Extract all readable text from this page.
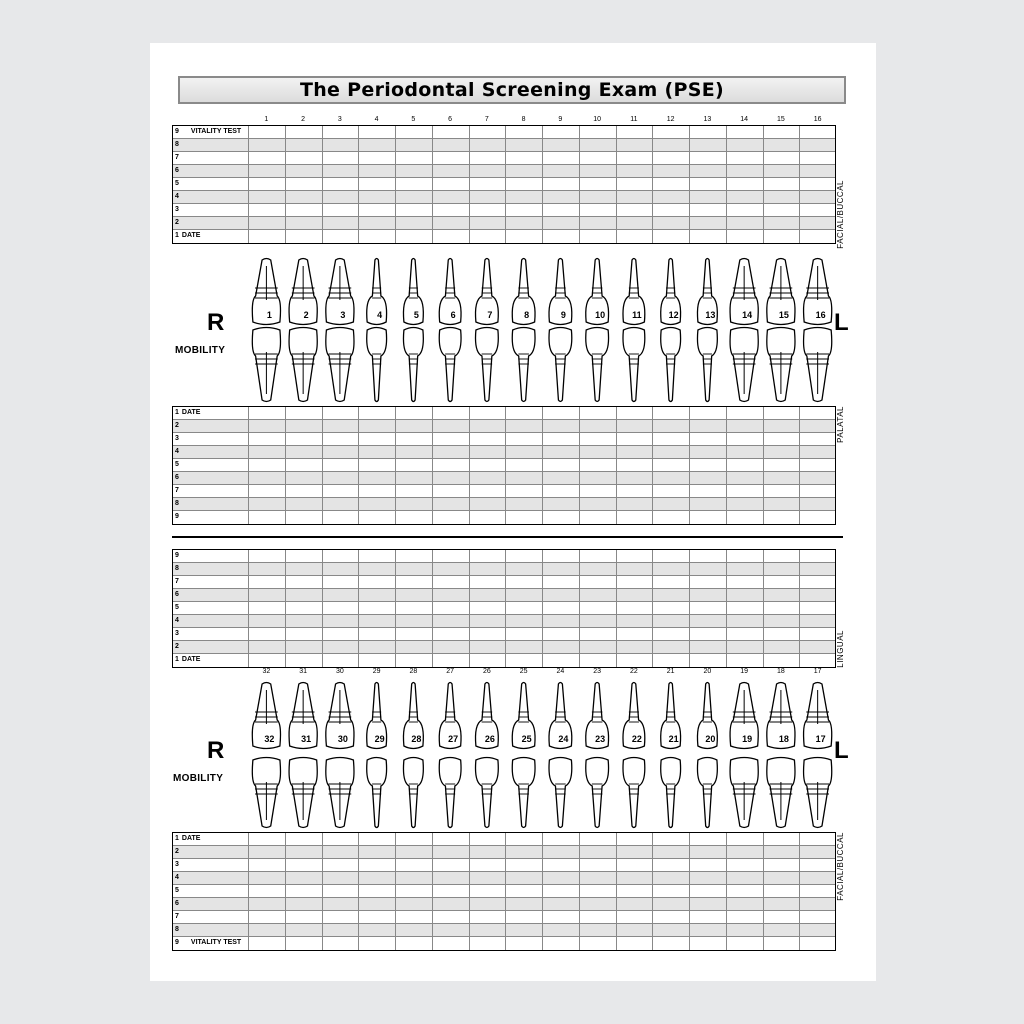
The Periodontal Screening Exam (PSE)
1	2	3	4	5	6	7	8	9	10	11	12	13	14	15	16
9 VITALITY TEST
8
7
6
5
4
3
2
1 DATE	FACIAL/BUCCAL
R	L
MOBILITY
1	2	3	4	5	6	7	8	9	10	11	12	13	14	15	16
1 DATE
2
3
4
5
6
7
8
9
PALATAL
9
8
7
6
5
4
3
2
1 DATE	LINGUAL
32	31	30	29	28	27	26	25	24	23	22	21	20	19	18	17
R	L
MOBILITY
32	31	30	29	28	27	26	25	24	23	22	21	20	19	18	17
1 DATE
2
3
4
5
6
7
8
9 VITALITY TEST
FACIAL/BUCCAL
